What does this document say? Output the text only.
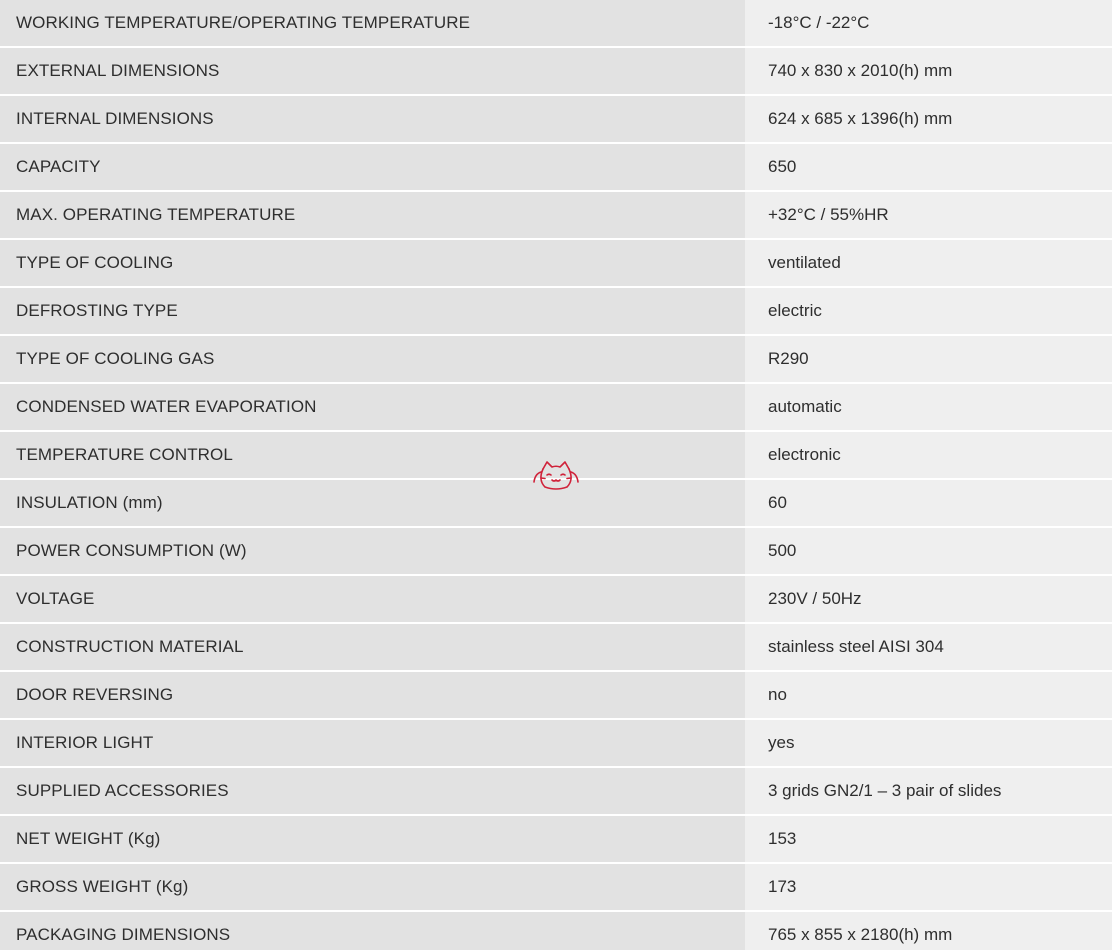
WORKING TEMPERATURE/OPERATING TEMPERATURE	-18°C / -22°C
EXTERNAL DIMENSIONS	740 x 830 x 2010(h) mm
INTERNAL DIMENSIONS	624 x 685 x 1396(h) mm
CAPACITY	650
MAX. OPERATING TEMPERATURE	+32°C / 55%HR
TYPE OF COOLING	ventilated
DEFROSTING TYPE	electric
TYPE OF COOLING GAS	R290
CONDENSED WATER EVAPORATION	automatic
TEMPERATURE CONTROL	electronic
INSULATION (mm)	60
POWER CONSUMPTION (W)	500
VOLTAGE	230V / 50Hz
CONSTRUCTION MATERIAL	stainless steel AISI 304
DOOR REVERSING	no
INTERIOR LIGHT	yes
SUPPLIED ACCESSORIES	3 grids GN2/1 – 3 pair of slides
NET WEIGHT (Kg)	153
GROSS WEIGHT (Kg)	173
PACKAGING DIMENSIONS	765 x 855 x 2180(h) mm
